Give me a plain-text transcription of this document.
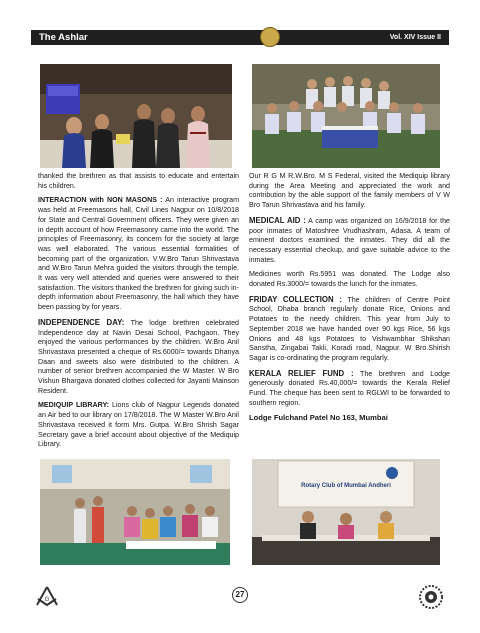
The Ashlar	Vol. XIV Issue II

thanked the brethren as that assists to educate and entertain his children.

INTERACTION with NON MASONS : An interactive program was held at Freemasons hall, Civil Lines Nagpur on 10/8/2018 for State and Central Government officers. They were given an in depth account of how Freemasonry came into the world. The principles of Freemasonry, its concern for the society at large was well elaborated. The various essential formalities of becoming part of the organization. V.W.Bro Tarun Shrivastava and W.Bro Tarun Mehra guided the visitors through the temple. It was very well attended and queries were answered to their satisfaction. The visitors thanked the brethren for giving such in-depth information about Freemasonry, the hall which they have been passing by for years.

INDEPENDENCE DAY: The lodge brethren celebrated Independence day at Navin Desai School, Pachgaon. They enjoyed the various performances by the children. W.Bro Anil Shrivastava presented a cheque of Rs.6000/= towards Dhanya Daan and sweets also were distributed to the children. A number of senior brethren accompanied the W Master. W Bro Vishun Bhargava donated clothes collected for Jayanti Mainson Resident.

MEDIQUIP LIBRARY: Lions club of Nagpur Legends donated an Air bed to our library on 17/8/2018. The W Master W.Bro Anil Shrivastava received it form Mrs. Gutpa. W.Bro Shrish Sagar Secretary gave a brief account about objective of the Mediquip Library.

Our R G M R.W.Bro. M S Federal, visited the Mediquip library during the Area Meeting and appreciated the work and contribution by the able support of the family members of V W Bro Tarun Shrivastava and his family.

MEDICAL AID : A camp was organized on 16/9/2018 for the poor inmates of Matoshree Vrudhashram, Adasa. A team of eminent doctors examined the inmates. They did all the necessary essential checkup, and gave suitable advice to the inmates.

Medicines worth Rs.5951 was donated. The Lodge also donated Rs.3000/= towards the lunch for the inmates.

FRIDAY COLLECTION : The children of Centre Point School, Dhaba branch regularly donate Rice, Onions and Potatoes to the needy children. This year from July to September 2018 we have handed over 90 kgs Rice, 56 kgs Onions and 48 kgs Potatoes to Vishwambhar Shikshan Sanstha, Zingabai Takli, Koradi road, Nagpur. W Bro.Shirish Sagar is co-ordinating the program regularly.

KERALA RELIEF FUND : The brethren and Lodge generously donated Rs.40,000/= towards the Kerala Relief Fund. The cheque has been sent to RGLWI to be forwarded to southern region.

Lodge Fulchand Patel No 163, Mumbai
Rotary Club of Mumbai Andheri
G
27
